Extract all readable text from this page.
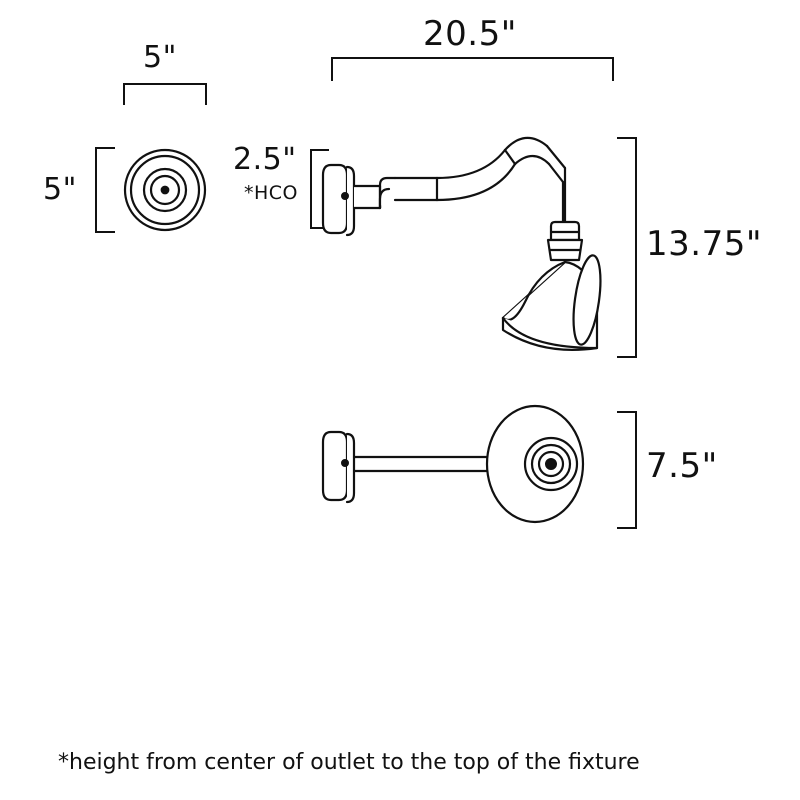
5"
5"
20.5"
2.5"
*HCO
13.75"
7.5"
*height from center of outlet to the top of the fixture
